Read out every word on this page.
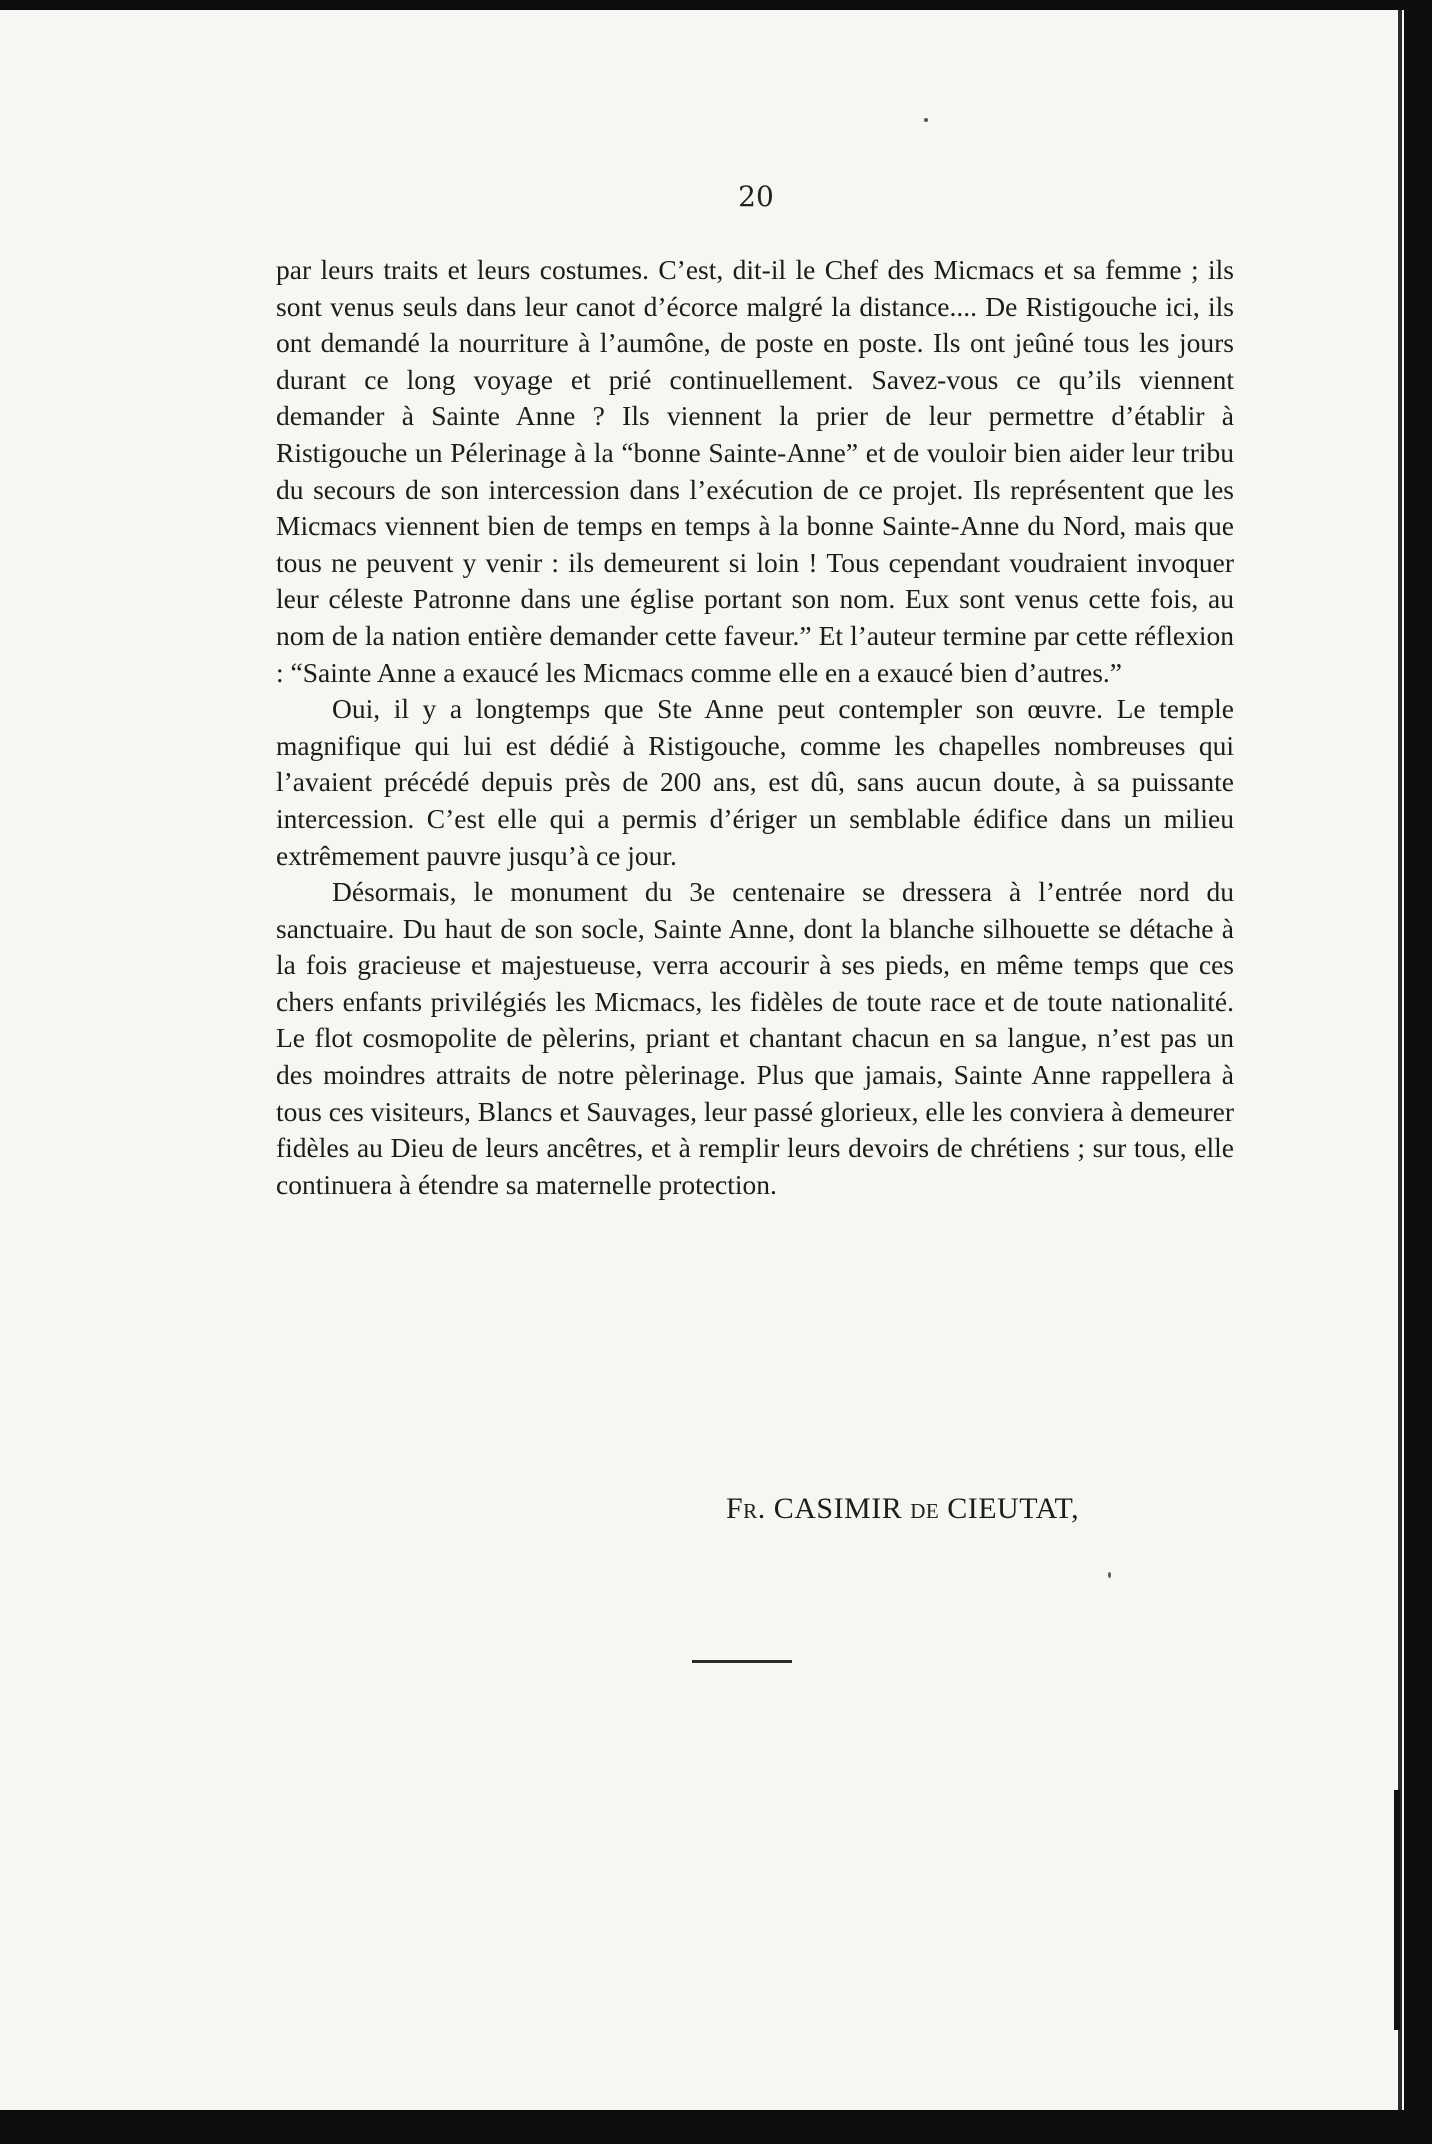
20

par leurs traits et leurs costumes. C’est, dit-il le Chef des Micmacs et sa femme ; ils sont venus seuls dans leur canot d’écorce malgré la distance.... De Ristigouche ici, ils ont demandé la nourriture à l’aumône, de poste en poste. Ils ont jeûné tous les jours durant ce long voyage et prié continuellement. Savez-vous ce qu’ils viennent demander à Sainte Anne ? Ils viennent la prier de leur permettre d’établir à Ristigouche un Pélerinage à la “bonne Sainte-Anne” et de vouloir bien aider leur tribu du secours de son intercession dans l’exécution de ce projet. Ils représentent que les Micmacs viennent bien de temps en temps à la bonne Sainte-Anne du Nord, mais que tous ne peuvent y venir : ils demeurent si loin ! Tous cependant voudraient invoquer leur céleste Patronne dans une église portant son nom. Eux sont venus cette fois, au nom de la nation entière demander cette faveur.” Et l’auteur termine par cette réflexion : “Sainte Anne a exaucé les Micmacs comme elle en a exaucé bien d’autres.”

Oui, il y a longtemps que Ste Anne peut contempler son œuvre. Le temple magnifique qui lui est dédié à Ristigouche, comme les chapelles nombreuses qui l’avaient précédé depuis près de 200 ans, est dû, sans aucun doute, à sa puissante intercession. C’est elle qui a permis d’ériger un semblable édifice dans un milieu extrêmement pauvre jusqu’à ce jour.

Désormais, le monument du 3e centenaire se dressera à l’entrée nord du sanctuaire. Du haut de son socle, Sainte Anne, dont la blanche silhouette se détache à la fois gracieuse et majestueuse, verra accourir à ses pieds, en même temps que ces chers enfants privilégiés les Micmacs, les fidèles de toute race et de toute nationalité. Le flot cosmopolite de pèlerins, priant et chantant chacun en sa langue, n’est pas un des moindres attraits de notre pèlerinage. Plus que jamais, Sainte Anne rappellera à tous ces visiteurs, Blancs et Sauvages, leur passé glorieux, elle les conviera à demeurer fidèles au Dieu de leurs ancêtres, et à remplir leurs devoirs de chrétiens ; sur tous, elle continuera à étendre sa maternelle protection.

Fr. CASIMIR de CIEUTAT,
